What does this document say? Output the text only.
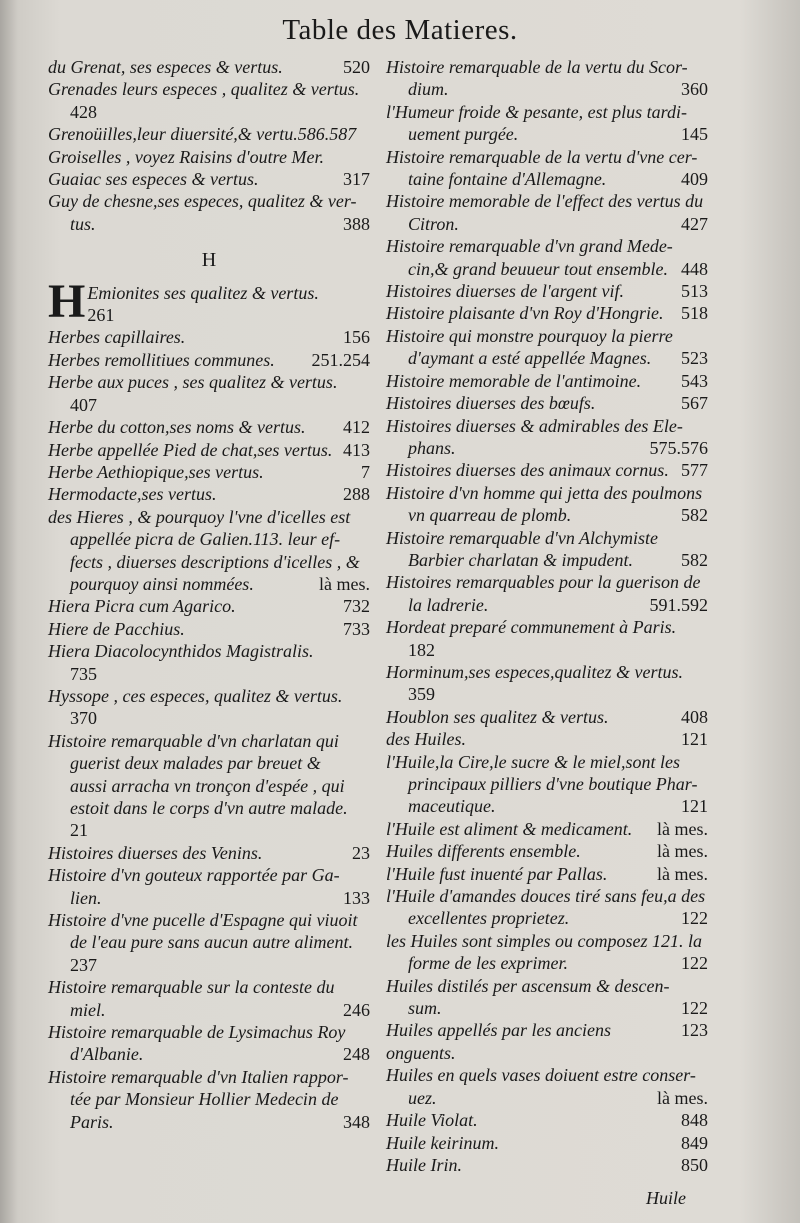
Table des Matieres.
du Grenat, ses especes & vertus.	520
Grenades leurs especes , qualitez & vertus.
428
Grenoüilles,leur diuersité,& vertu.586.587
Groiselles , voyez Raisins d'outre Mer.
Guaiac ses especes & vertus.	317
Guy de chesne,ses especes, qualitez & ver-
tus.	388
H
H Emionites ses qualitez & vertus.
261
Herbes capillaires.	156
Herbes remollitiues communes.	251.254
Herbe aux puces , ses qualitez & vertus.
407
Herbe du cotton,ses noms & vertus.	412
Herbe appellée Pied de chat,ses vertus. 413
Herbe Aethiopique,ses vertus.	7
Hermodacte,ses vertus.	288
des Hieres , & pourquoy l'vne d'icelles est
appellée picra de Galien.113. leur ef-
fects , diuerses descriptions d'icelles , &
pourquoy ainsi nommées.	là mes.
Hiera Picra cum Agarico.	732
Hiere de Pacchius.	733
Hiera Diacolocynthidos Magistralis.
735
Hyssope , ces especes, qualitez & vertus.
370
Histoire remarquable d'vn charlatan qui
guerist deux malades par breuet &
aussi arracha vn tronçon d'espée , qui
estoit dans le corps d'vn autre malade.
21
Histoires diuerses des Venins.	23
Histoire d'vn gouteux rapportée par Ga-
lien.	133
Histoire d'vne pucelle d'Espagne qui viuoit
de l'eau pure sans aucun autre aliment.
237
Histoire remarquable sur la conteste du
miel.	246
Histoire remarquable de Lysimachus Roy
d'Albanie.	248
Histoire remarquable d'vn Italien rappor-
tée par Monsieur Hollier Medecin de
Paris.	348
Histoire remarquable de la vertu du Scor-
dium.	360
l'Humeur froide & pesante, est plus tardi-
uement purgée.	145
Histoire remarquable de la vertu d'vne cer-
taine fontaine d'Allemagne.	409
Histoire memorable de l'effect des vertus du
Citron.	427
Histoire remarquable d'vn grand Mede-
cin,& grand beuueur tout ensemble. 448
Histoires diuerses de l'argent vif.	513
Histoire plaisante d'vn Roy d'Hongrie. 518
Histoire qui monstre pourquoy la pierre
d'aymant a esté appellée Magnes.	523
Histoire memorable de l'antimoine.	543
Histoires diuerses des bœufs.	567
Histoires diuerses & admirables des Ele-
phans.	575.576
Histoires diuerses des animaux cornus. 577
Histoire d'vn homme qui jetta des poulmons
vn quarreau de plomb.	582
Histoire remarquable d'vn Alchymiste
Barbier charlatan & impudent.	582
Histoires remarquables pour la guerison de
la ladrerie.	591.592
Hordeat preparé communement à Paris.
182
Horminum,ses especes,qualitez & vertus.
359
Houblon ses qualitez & vertus.	408
des Huiles.	121
l'Huile,la Cire,le sucre & le miel,sont les
principaux pilliers d'vne boutique Phar-
maceutique.	121
l'Huile est aliment & medicament.	là mes.
Huiles differents ensemble.	là mes.
l'Huile fust inuenté par Pallas.	là mes.
l'Huile d'amandes douces tiré sans feu,a des
excellentes proprietez.	122
les Huiles sont simples ou composez 121. la
forme de les exprimer.	122
Huiles distilés per ascensum & descen-
sum.	122
Huiles appellés par les anciens onguents.
123
Huiles en quels vases doiuent estre conser-
uez.	là mes.
Huile Violat.	848
Huile keirinum.	849
Huile Irin.	850
Huile
